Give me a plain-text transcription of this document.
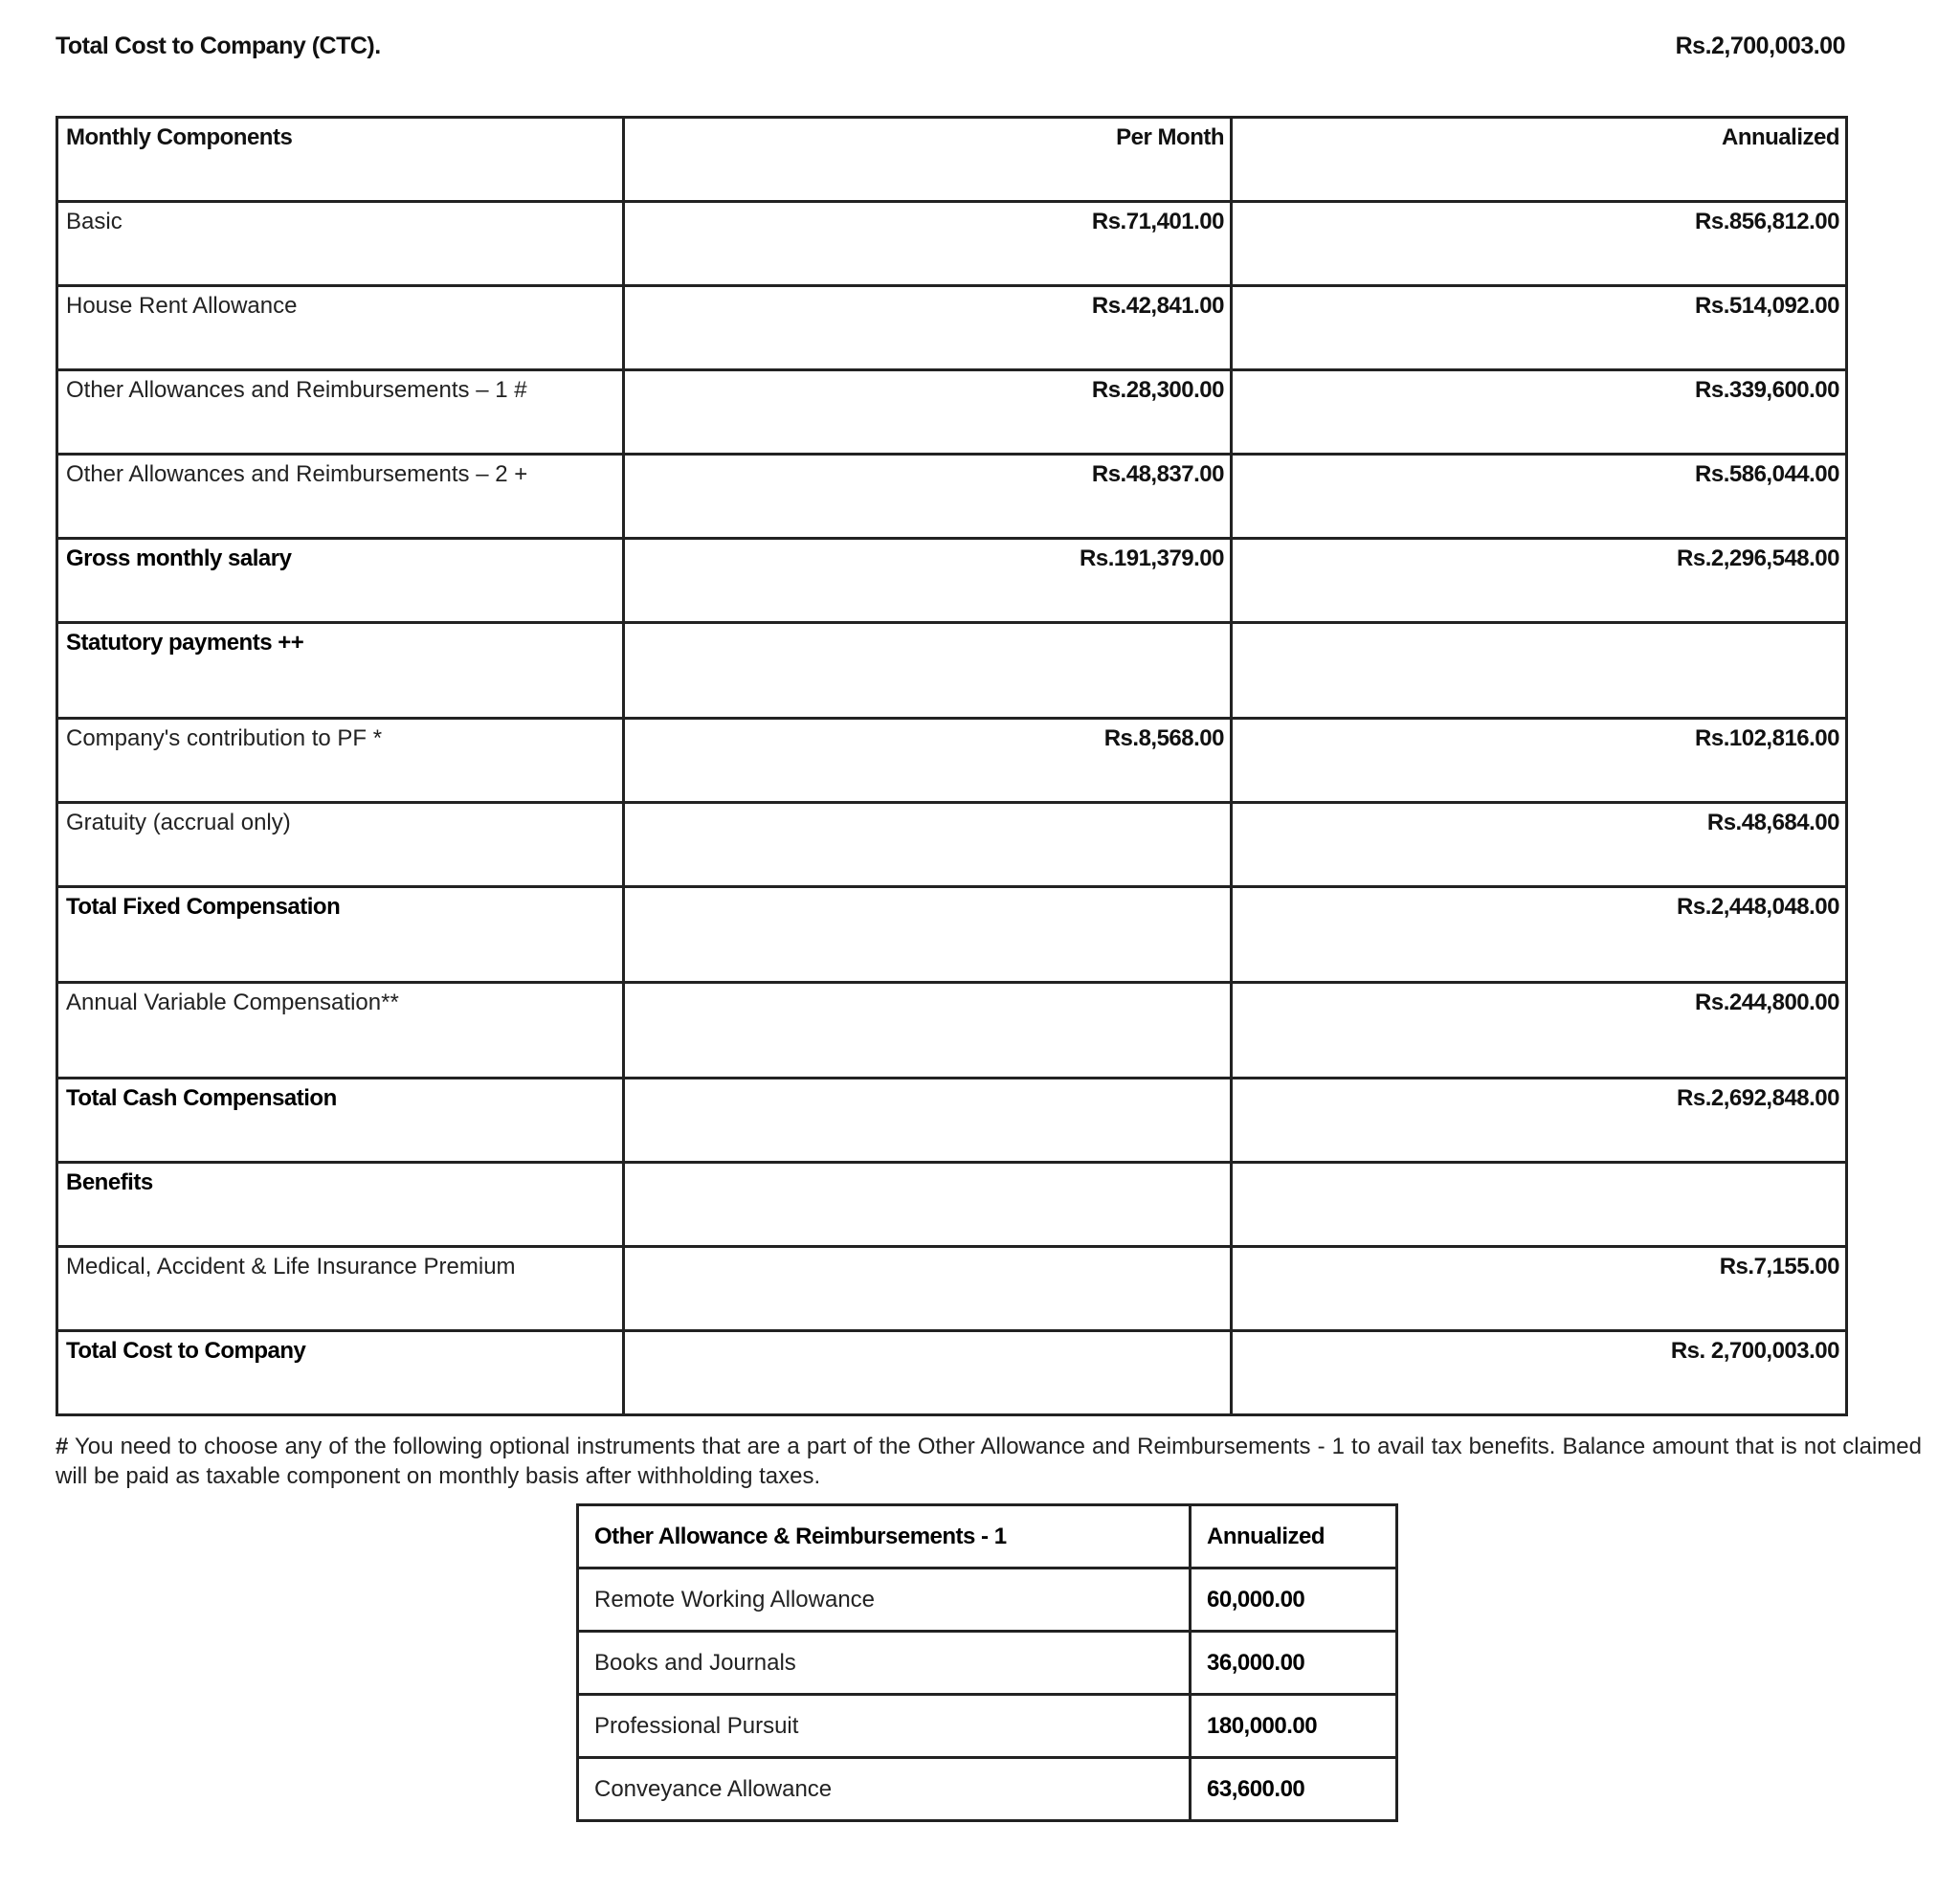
Total Cost to Company (CTC).	Rs.2,700,003.00
Monthly Components	Per Month	Annualized
Basic	Rs.71,401.00	Rs.856,812.00
House Rent Allowance	Rs.42,841.00	Rs.514,092.00
Other Allowances and Reimbursements – 1 #	Rs.28,300.00	Rs.339,600.00
Other Allowances and Reimbursements – 2 +	Rs.48,837.00	Rs.586,044.00
Gross monthly salary	Rs.191,379.00	Rs.2,296,548.00
Statutory payments ++		
Company's contribution to PF *	Rs.8,568.00	Rs.102,816.00
Gratuity (accrual only)		Rs.48,684.00
Total Fixed Compensation		Rs.2,448,048.00
Annual Variable Compensation**		Rs.244,800.00
Total Cash Compensation		Rs.2,692,848.00
Benefits		
Medical, Accident & Life Insurance Premium		Rs.7,155.00
Total Cost to Company		Rs. 2,700,003.00
# You need to choose any of the following optional instruments that are a part of the Other Allowance and Reimbursements - 1 to avail tax benefits. Balance amount that is not claimed will be paid as taxable component on monthly basis after withholding taxes.
Other Allowance & Reimbursements - 1	Annualized
Remote Working Allowance	60,000.00
Books and Journals	36,000.00
Professional Pursuit	180,000.00
Conveyance Allowance	63,600.00
